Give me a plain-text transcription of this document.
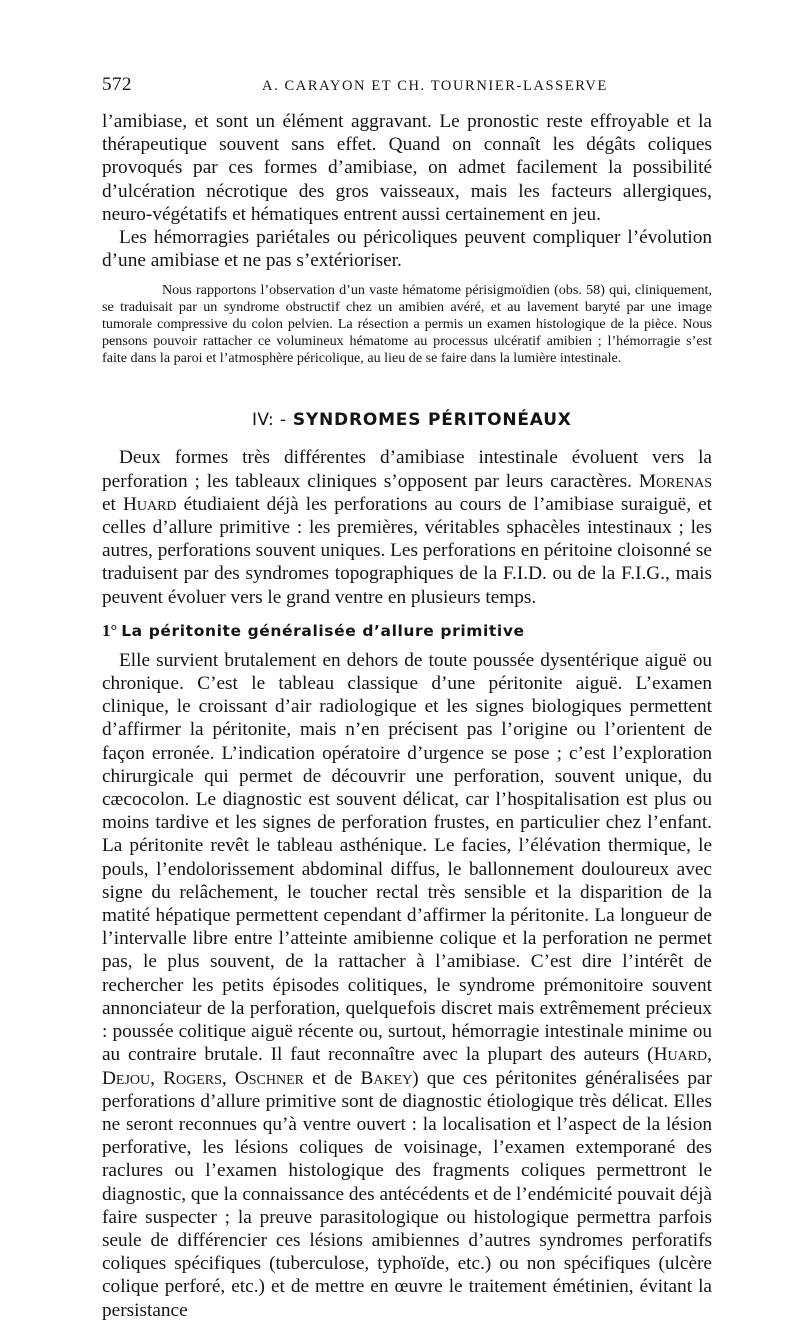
572	A. CARAYON ET CH. TOURNIER-LASSERVE

l’amibiase, et sont un élément aggravant. Le pronostic reste effroyable et la thérapeutique souvent sans effet. Quand on connaît les dégâts coliques provoqués par ces formes d’amibiase, on admet facilement la possibilité d’ulcération nécrotique des gros vaisseaux, mais les facteurs allergiques, neuro-végétatifs et hématiques entrent aussi certainement en jeu.

Les hémorragies pariétales ou péricoliques peuvent compliquer l’évolution d’une amibiase et ne pas s’extérioriser.

Nous rapportons l’observation d’un vaste hématome périsigmoïdien (obs. 58) qui, cliniquement, se traduisait par un syndrome obstructif chez un amibien avéré, et au lavement baryté par une image tumorale compressive du colon pelvien. La résection a permis un examen histologique de la pièce. Nous pensons pouvoir rattacher ce volumineux hématome au processus ulcératif amibien ; l’hémorragie s’est faite dans la paroi et l’atmosphère péricolique, au lieu de se faire dans la lumière intestinale.

IV: - SYNDROMES PÉRITONÉAUX

Deux formes très différentes d’amibiase intestinale évoluent vers la perforation ; les tableaux cliniques s’opposent par leurs caractères. Morenas et Huard étudiaient déjà les perforations au cours de l’amibiase suraiguë, et celles d’allure primitive : les premières, véritables sphacèles intestinaux ; les autres, perforations souvent uniques. Les perforations en péritoine cloisonné se traduisent par des syndromes topographiques de la F.I.D. ou de la F.I.G., mais peuvent évoluer vers le grand ventre en plusieurs temps.

1° La péritonite généralisée d’allure primitive

Elle survient brutalement en dehors de toute poussée dysentérique aiguë ou chronique. C’est le tableau classique d’une péritonite aiguë. L’examen clinique, le croissant d’air radiologique et les signes biologiques permettent d’affirmer la péritonite, mais n’en précisent pas l’origine ou l’orientent de façon erronée. L’indication opératoire d’urgence se pose ; c’est l’exploration chirurgicale qui permet de découvrir une perforation, souvent unique, du cæcocolon. Le diagnostic est souvent délicat, car l’hospitalisation est plus ou moins tardive et les signes de perforation frustes, en particulier chez l’enfant. La péritonite revêt le tableau asthénique. Le facies, l’élévation thermique, le pouls, l’endolorissement abdominal diffus, le ballonnement douloureux avec signe du relâchement, le toucher rectal très sensible et la disparition de la matité hépatique permettent cependant d’affirmer la péritonite. La longueur de l’intervalle libre entre l’atteinte amibienne colique et la perforation ne permet pas, le plus souvent, de la rattacher à l’amibiase. C’est dire l’intérêt de rechercher les petits épisodes colitiques, le syndrome prémonitoire souvent annonciateur de la perforation, quelquefois discret mais extrêmement précieux : poussée colitique aiguë récente ou, surtout, hémorragie intestinale minime ou au contraire brutale. Il faut reconnaître avec la plupart des auteurs (Huard, Dejou, Rogers, Oschner et de Bakey) que ces péritonites généralisées par perforations d’allure primitive sont de diagnostic étiologique très délicat. Elles ne seront reconnues qu’à ventre ouvert : la localisation et l’aspect de la lésion perforative, les lésions coliques de voisinage, l’examen extemporané des raclures ou l’examen histologique des fragments coliques permettront le diagnostic, que la connaissance des antécédents et de l’endémicité pouvait déjà faire suspecter ; la preuve parasitologique ou histologique permettra parfois seule de différencier ces lésions amibiennes d’autres syndromes perforatifs coliques spécifiques (tuberculose, typhoïde, etc.) ou non spécifiques (ulcère colique perforé, etc.) et de mettre en œuvre le traitement émétinien, évitant la persistance
